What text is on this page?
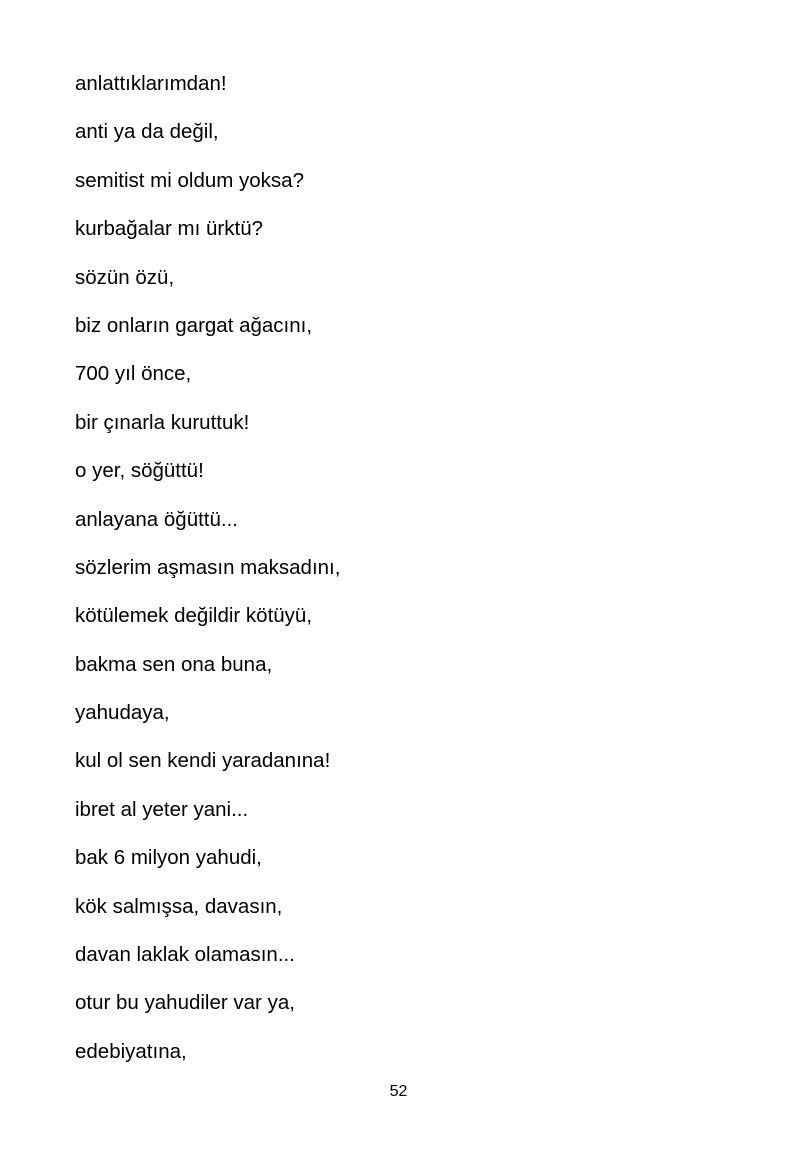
anlattıklarımdan!
anti ya da değil,
semitist mi oldum yoksa?
kurbağalar mı ürktü?
sözün özü,
biz onların gargat ağacını,
700 yıl önce,
bir çınarla kuruttuk!
o yer, söğüttü!
anlayana öğüttü...
sözlerim aşmasın maksadını,
kötülemek değildir kötüyü,
bakma sen ona buna,
yahudaya,
kul ol sen kendi yaradanına!
ibret al yeter yani...
bak 6 milyon yahudi,
kök salmışsa, davasın,
davan laklak olamasın...
otur bu yahudiler var ya,
edebiyatına,
52
